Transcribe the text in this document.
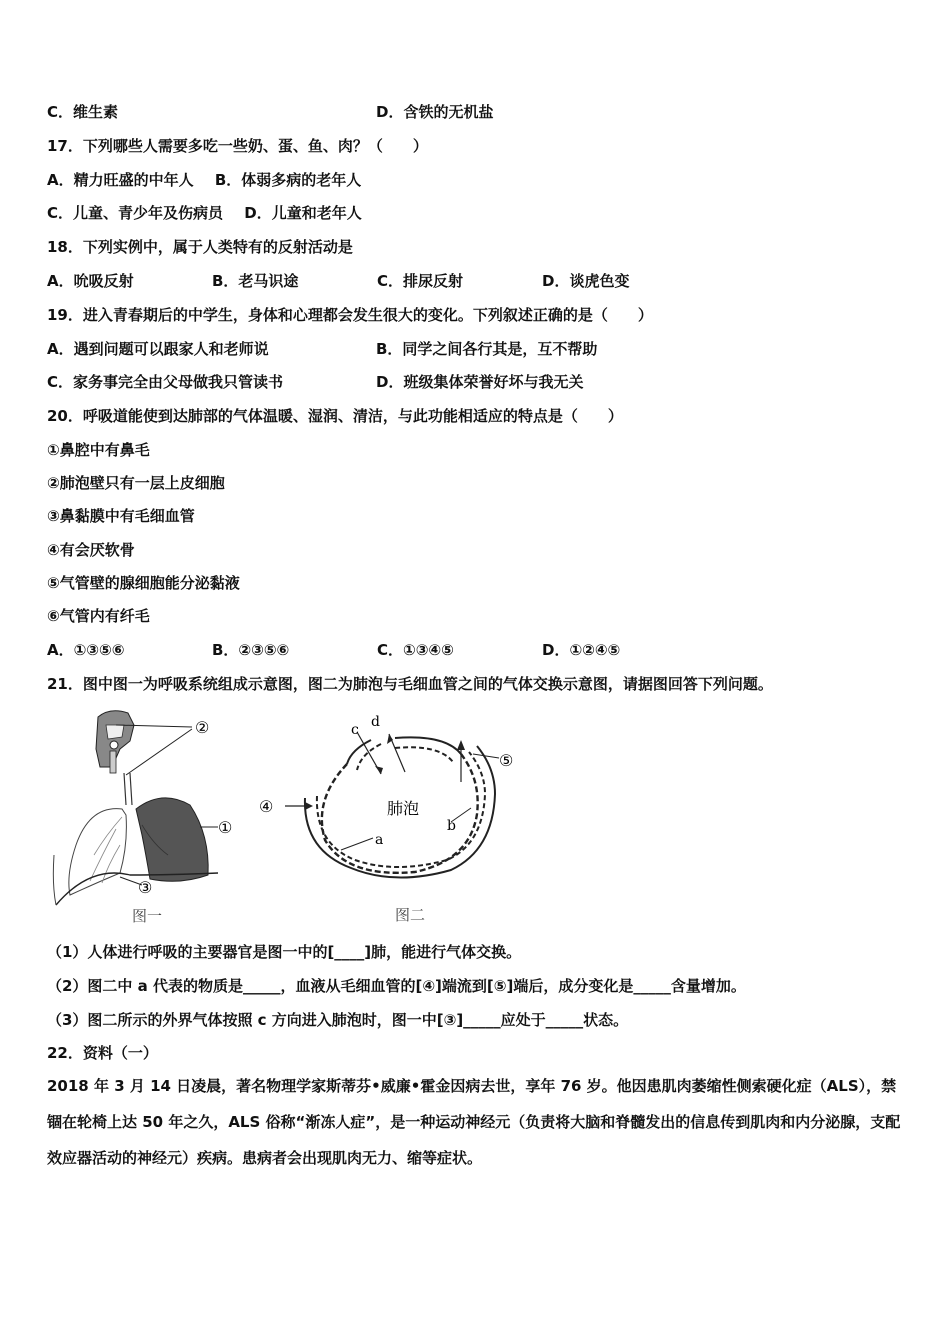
C．维生素	D．含铁的无机盐
17．下列哪些人需要多吃一些奶、蛋、鱼、肉？（　　）
A．精力旺盛的中年人 B．体弱多病的老年人
C．儿童、青少年及伤病员 D．儿童和老年人
18．下列实例中，属于人类特有的反射活动是
A．吮吸反射	B．老马识途	C．排尿反射	D．谈虎色变
19．进入青春期后的中学生，身体和心理都会发生很大的变化。下列叙述正确的是（　　）
A．遇到问题可以跟家人和老师说	B．同学之间各行其是，互不帮助
C．家务事完全由父母做我只管读书	D．班级集体荣誉好坏与我无关
20．呼吸道能使到达肺部的气体温暖、湿润、清洁，与此功能相适应的特点是（　　）
①鼻腔中有鼻毛
②肺泡壁只有一层上皮细胞
③鼻黏膜中有毛细血管
④有会厌软骨
⑤气管壁的腺细胞能分泌黏液
⑥气管内有纤毛
A．①③⑤⑥	B．②③⑤⑥	C．①③④⑤	D．①②④⑤
21．图中图一为呼吸系统组成示意图，图二为肺泡与毛细血管之间的气体交换示意图，请据图回答下列问题。
②
①
③
图一
c d
⑤
④	肺泡
a
b
图二
（1）人体进行呼吸的主要器官是图一中的[____]肺，能进行气体交换。
（2）图二中 a 代表的物质是_____，血液从毛细血管的[④]端流到[⑤]端后，成分变化是_____含量增加。
（3）图二所示的外界气体按照 c 方向进入肺泡时，图一中[③]_____应处于_____状态。
22．资料（一）
2018 年 3 月 14 日凌晨，著名物理学家斯蒂芬•威廉•霍金因病去世，享年 76 岁。他因患肌肉萎缩性侧索硬化症（ALS），禁锢在轮椅上达 50 年之久，ALS 俗称“渐冻人症”，是一种运动神经元（负责将大脑和脊髓发出的信息传到肌肉和内分泌腺，支配效应器活动的神经元）疾病。患病者会出现肌肉无力、缩等症状。
